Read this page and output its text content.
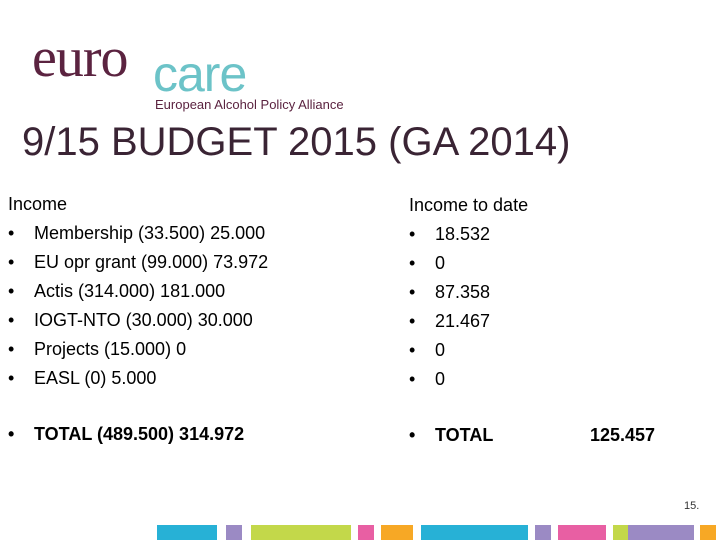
euro care
European Alcohol Policy Alliance
9/15 BUDGET 2015 (GA 2014)
Income
• Membership (33.500) 25.000
• EU opr grant (99.000) 73.972
• Actis (314.000) 181.000
• IOGT-NTO (30.000) 30.000
• Projects (15.000) 0
• EASL (0) 5.000
Income to date
• 18.532
• 0
• 87.358
• 21.467
• 0
• 0
• TOTAL (489.500) 314.972	• TOTAL	125.457
15.
